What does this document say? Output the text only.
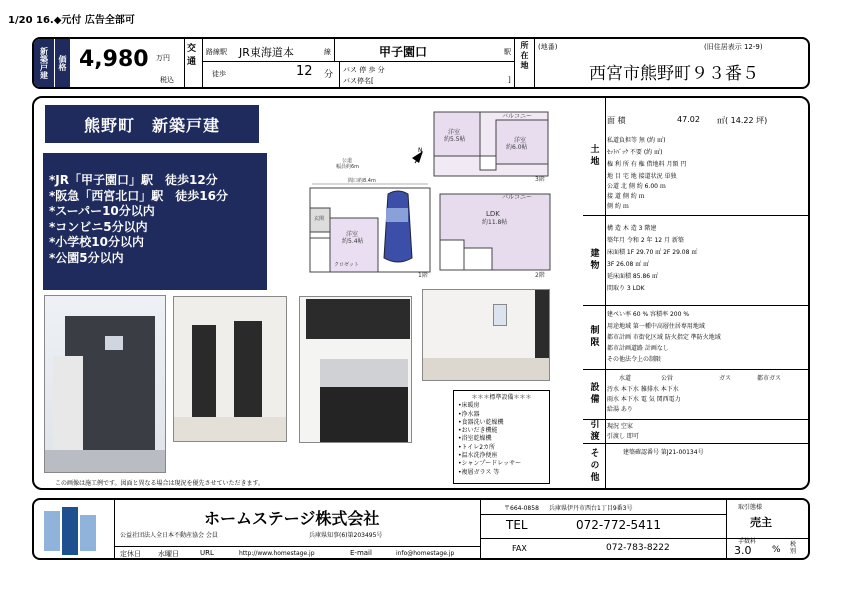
1/20 16.◆元付 広告全部可
新築戸建	価格 4,980 万円
税込
交通 路線駅 JR東海道本	線	甲子園口	駅
徒歩	12 分 バス 停 歩 分
バス停名[	]
所在地 (地番)	(旧住居表示 12-9)
西宮市熊野町９３番５
熊野町　新築戸建
*JR「甲子園口」駅　徒歩12分
*阪急「西宮北口」駅　徒歩16分
*スーパー10分以内
*コンビニ5分以内
*小学校10分以内
*公園5分以内
3階
2階
1階
バルコニー
バルコニー
洋室
約5.5帖	洋室
約6.0帖
洋室
約5.4帖
LDK
約11.8帖
公道
幅員約6m
間口約8.4m
クロゼット
玄関
N
＊＊＊標準設備＊＊＊
•床暖房
•浄水器
•食器洗い乾燥機
•おいだき機能
•浴室乾燥機
•トイレ2カ所
•温水洗浄便座
•シャンプードレッサー
•複層ガラス 等
この画像は施工例です。図面と異なる場合は現況を優先させていただきます。
土地
面 積	47.02	㎡( 14.22 坪)
私道負担等 無 (約 ㎡)
ｾｯﾄﾊﾞｯｸ 不要 (約 ㎡)
権 利 所 有 権 借地料 月額 円
地 目 宅 地 接道状況 単独
公道 北 側 約 6.00 ｍ
接 道 側 約 ｍ
側 約 ｍ
建物
構 造 木 造 3 階建
築年月 令和 2 年 12 月 新築
床面積 1F 29.70 ㎡ 2F 29.08 ㎡
3F 26.08 ㎡ ㎡
延床面積 85.86 ㎡
間取り 3 LDK
制限
建ぺい率 60 % 容積率 200 %
用途地域 第一種中高層住居専用地域
都市計画 市街化区域 防火指定 準防火地域
都市計画道路 計画なし
その他法令上の制限
設備
水道	公営	ガス	都市ガス
汚水 本下水 雑排水 本下水
雨水 本下水 電 気 関西電力
給湯 あり
引渡	現況 空家
引渡し 即可
その他	建築確認番号 第J21-00134号
ホームステージ株式会社
公益社団法人全日本不動産協会 会員	兵庫県知事(6)第203495号
定休日 水曜日	URL	http://www.homestage.jp	E-mail	info@homestage.jp
〒664-0858 兵庫県伊丹市西台1丁目9番3号
TEL	072-772-5411
FAX	072-783-8222
取引態様
売主
手数料
3.0 %
税別
